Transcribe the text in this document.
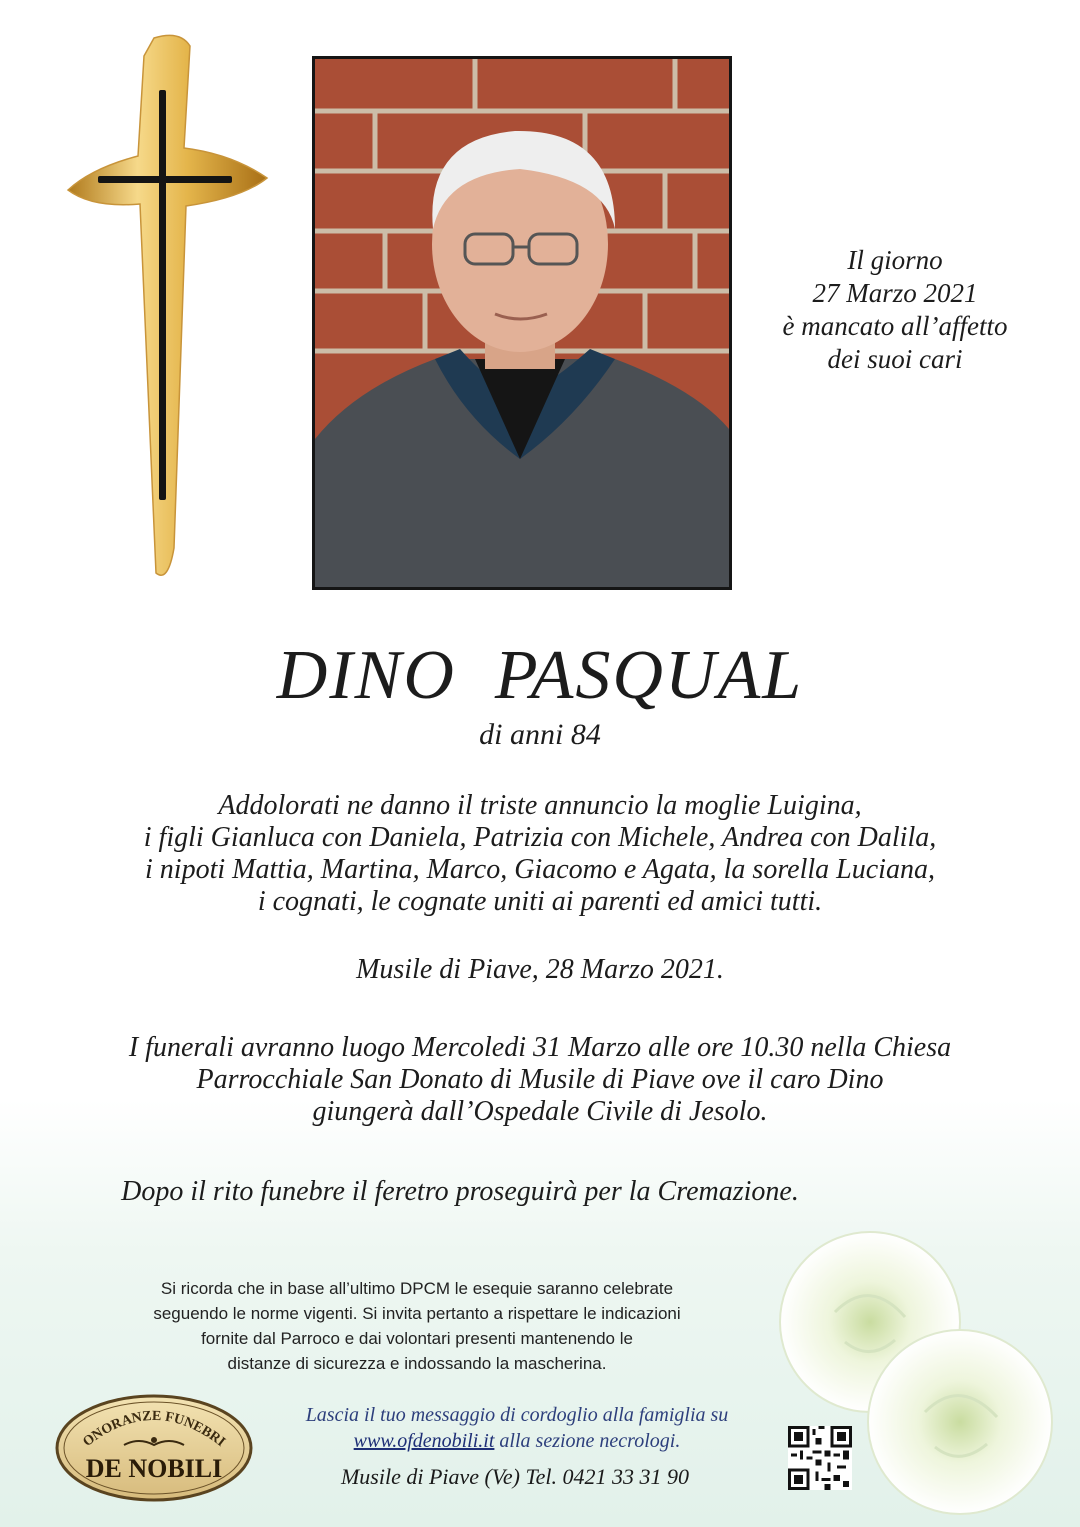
Il giorno
27 Marzo 2021
è mancato all’affetto
dei suoi cari
DINO  PASQUAL
di anni 84
Addolorati ne danno il triste annuncio la moglie Luigina,
i figli Gianluca con Daniela, Patrizia con Michele, Andrea con Dalila,
i nipoti Mattia, Martina, Marco, Giacomo e Agata, la sorella Luciana,
i cognati, le cognate uniti ai parenti ed amici tutti.
Musile di Piave, 28 Marzo 2021.
I funerali avranno luogo Mercoledi 31 Marzo alle ore 10.30 nella Chiesa
Parrocchiale San Donato di Musile di Piave ove il caro Dino
giungerà dall’Ospedale Civile di Jesolo.
Dopo il rito funebre il feretro proseguirà per la Cremazione.
Si ricorda che in base all’ultimo DPCM le esequie saranno celebrate
seguendo le norme vigenti. Si invita pertanto a rispettare le indicazioni
fornite dal Parroco e dai volontari presenti mantenendo le
distanze di sicurezza e indossando la mascherina.
ONORANZE FUNEBRI
DE NOBILI
Lascia il tuo messaggio di cordoglio alla famiglia su
www.ofdenobili.it alla sezione necrologi.
Musile di Piave (Ve) Tel. 0421 33 31 90
